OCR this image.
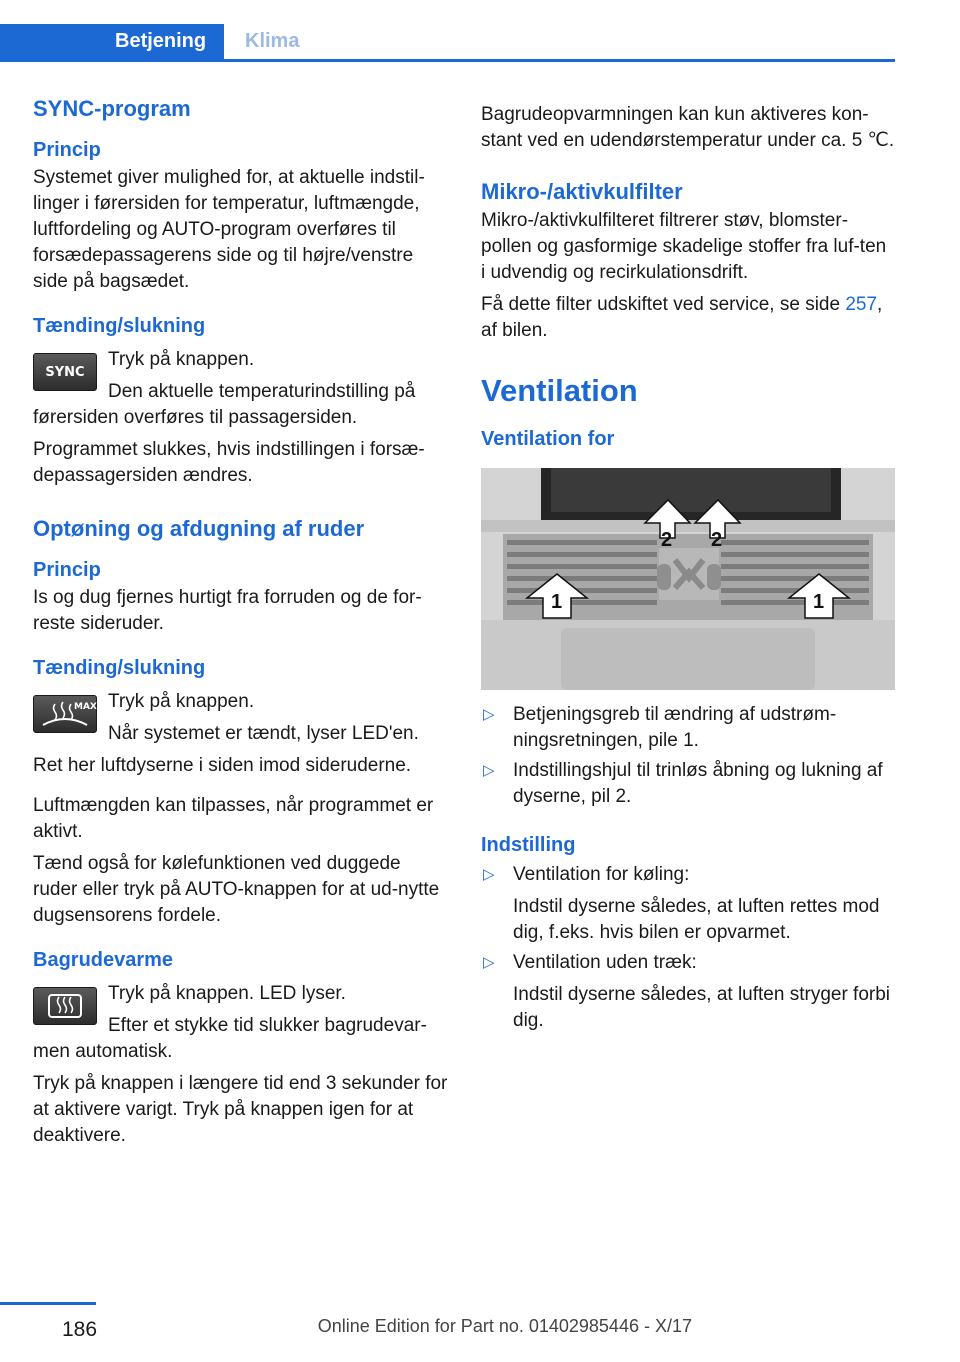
Betjening	Klima
SYNC-program
Princip

Systemet giver mulighed for, at aktuelle indstil-linger i førersiden for temperatur, luftmængde, luftfordeling og AUTO-program overføres til forsædepassagerens side og til højre/venstre side på bagsædet.

Tænding/slukning
SYNC

Tryk på knappen.

Den aktuelle temperaturindstilling på

førersiden overføres til passagersiden.

Programmet slukkes, hvis indstillingen i forsæ-depassagersiden ændres.

Optøning og afdugning af ruder
Princip

Is og dug fjernes hurtigt fra forruden og de for-reste sideruder.

Tænding/slukning
MAX Tryk på knappen.

Når systemet er tændt, lyser LED'en.

Ret her luftdyserne i siden imod sideruderne.

Luftmængden kan tilpasses, når programmet er aktivt.

Tænd også for kølefunktionen ved duggede ruder eller tryk på AUTO-knappen for at ud-nytte dugsensorens fordele.

Bagrudevarme

Tryk på knappen. LED lyser.

Efter et stykke tid slukker bagrudevar-

men automatisk.

Tryk på knappen i længere tid end 3 sekunder for at aktivere varigt. Tryk på knappen igen for at deaktivere.

Bagrudeopvarmningen kan kun aktiveres kon-stant ved en udendørstemperatur under ca. 5 ℃.

Mikro-/aktivkulfilter

Mikro-/aktivkulfilteret filtrerer støv, blomster-pollen og gasformige skadelige stoffer fra luf-ten i udvendig og recirkulationsdrift.

Få dette filter udskiftet ved service, se side 257, af bilen.

Ventilation
Ventilation for
2 2
1	1
▷ Betjeningsgreb til ændring af udstrøm-ningsretningen, pile 1.
▷ Indstillingshjul til trinløs åbning og lukning af dyserne, pil 2.
Indstilling
▷ Ventilation for køling:

Indstil dyserne således, at luften rettes mod dig, f.eks. hvis bilen er opvarmet.

▷ Ventilation uden træk:

Indstil dyserne således, at luften stryger forbi dig.

186	Online Edition for Part no. 01402985446 - X/17
